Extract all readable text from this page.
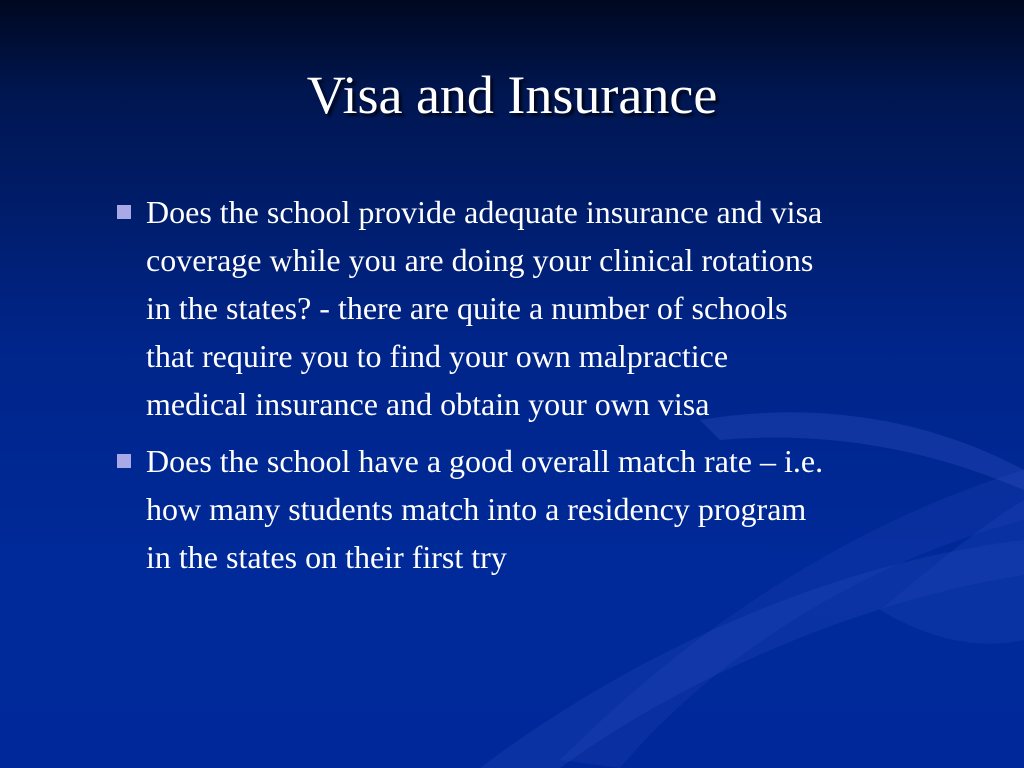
Visa and Insurance
Does the school provide adequate insurance and visa
coverage while you are doing your clinical rotations
in the states? - there are quite a number of schools
that require you to find your own malpractice
medical insurance and obtain your own visa
Does the school have a good overall match rate – i.e.
how many students match into a residency program
in the states on their first try
